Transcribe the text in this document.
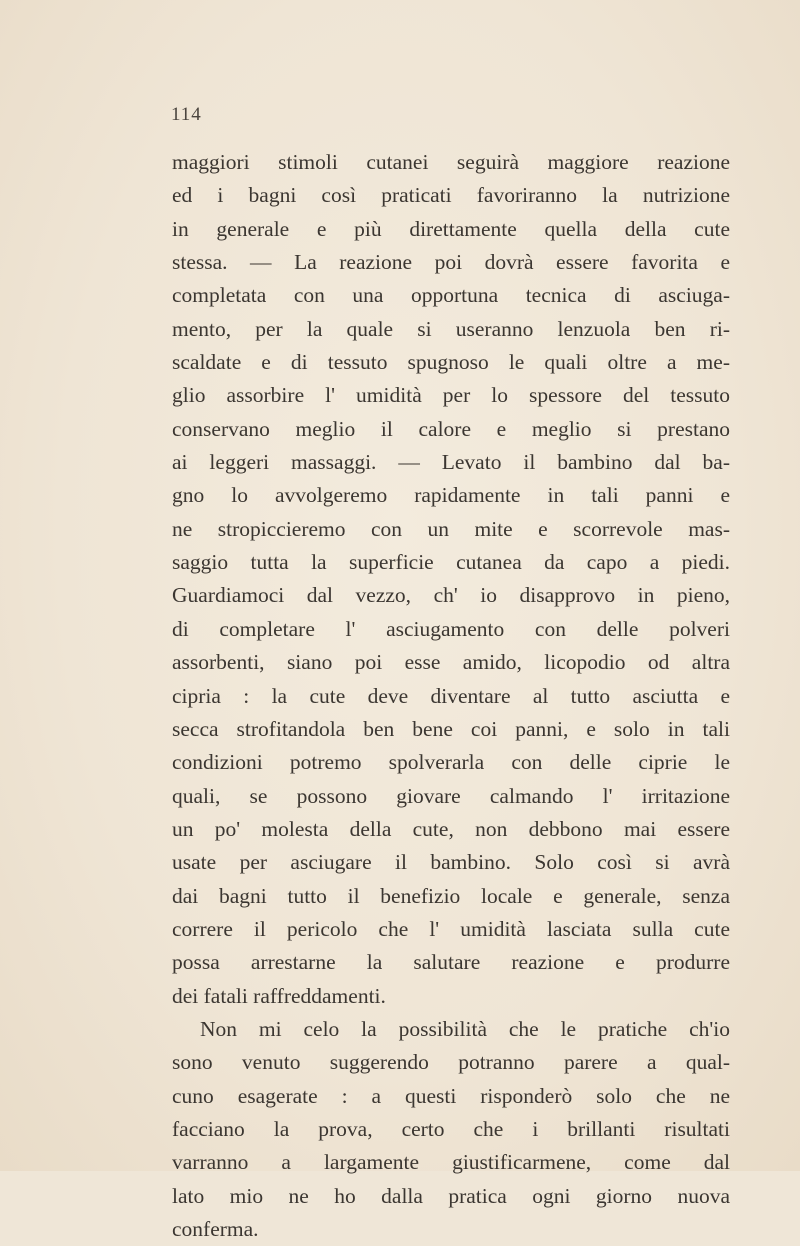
114
maggiori stimoli cutanei seguirà maggiore reazione
ed i bagni così praticati favoriranno la nutrizione
in generale e più direttamente quella della cute
stessa. — La reazione poi dovrà essere favorita e
completata con una opportuna tecnica di asciuga-
mento, per la quale si useranno lenzuola ben ri-
scaldate e di tessuto spugnoso le quali oltre a me-
glio assorbire l' umidità per lo spessore del tessuto
conservano meglio il calore e meglio si prestano
ai leggeri massaggi. — Levato il bambino dal ba-
gno lo avvolgeremo rapidamente in tali panni e
ne stropiccieremo con un mite e scorrevole mas-
saggio tutta la superficie cutanea da capo a piedi.
Guardiamoci dal vezzo, ch' io disapprovo in pieno,
di completare l' asciugamento con delle polveri
assorbenti, siano poi esse amido, licopodio od altra
cipria : la cute deve diventare al tutto asciutta e
secca strofitandola ben bene coi panni, e solo in tali
condizioni potremo spolverarla con delle ciprie le
quali, se possono giovare calmando l' irritazione
un po' molesta della cute, non debbono mai essere
usate per asciugare il bambino. Solo così si avrà
dai bagni tutto il benefizio locale e generale, senza
correre il pericolo che l' umidità lasciata sulla cute
possa arrestarne la salutare reazione e produrre
dei fatali raffreddamenti.
Non mi celo la possibilità che le pratiche ch'io
sono venuto suggerendo potranno parere a qual-
cuno esagerate : a questi risponderò solo che ne
facciano la prova, certo che i brillanti risultati
varranno a largamente giustificarmene, come dal
lato mio ne ho dalla pratica ogni giorno nuova
conferma.
